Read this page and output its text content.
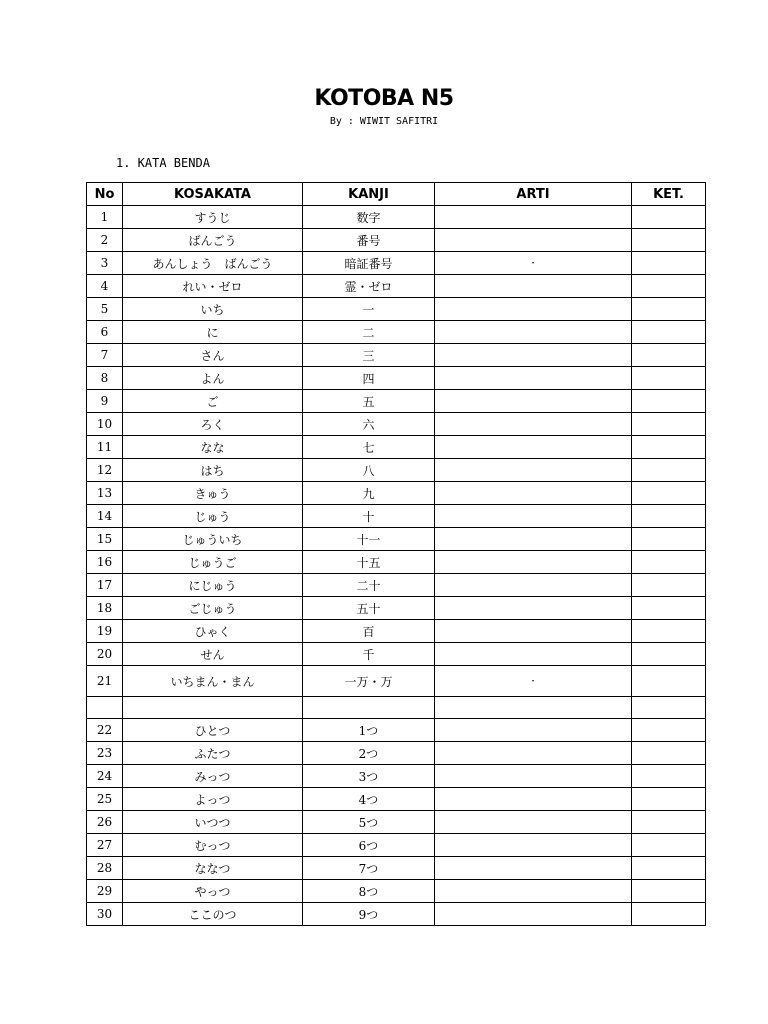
KOTOBA N5
By : WIWIT SAFITRI
1. KATA BENDA
No	KOSAKATA	KANJI	ARTI	KET.
1	すうじ	数字		
2	ばんごう	番号		
3	あんしょう　ばんごう	暗証番号	·	
4	れい・ゼロ	霊・ゼロ		
5	いち	一		
6	に	二		
7	さん	三		
8	よん	四		
9	ご	五		
10	ろく	六		
11	なな	七		
12	はち	八		
13	きゅう	九		
14	じゅう	十		
15	じゅういち	十一		
16	じゅうご	十五		
17	にじゅう	二十		
18	ごじゅう	五十		
19	ひゃく	百		
20	せん	千		
21	いちまん・まん	一万・万	·	

22	ひとつ	1つ		
23	ふたつ	2つ		
24	みっつ	3つ		
25	よっつ	4つ		
26	いつつ	5つ		
27	むっつ	6つ		
28	ななつ	7つ		
29	やっつ	8つ		
30	ここのつ	9つ		
